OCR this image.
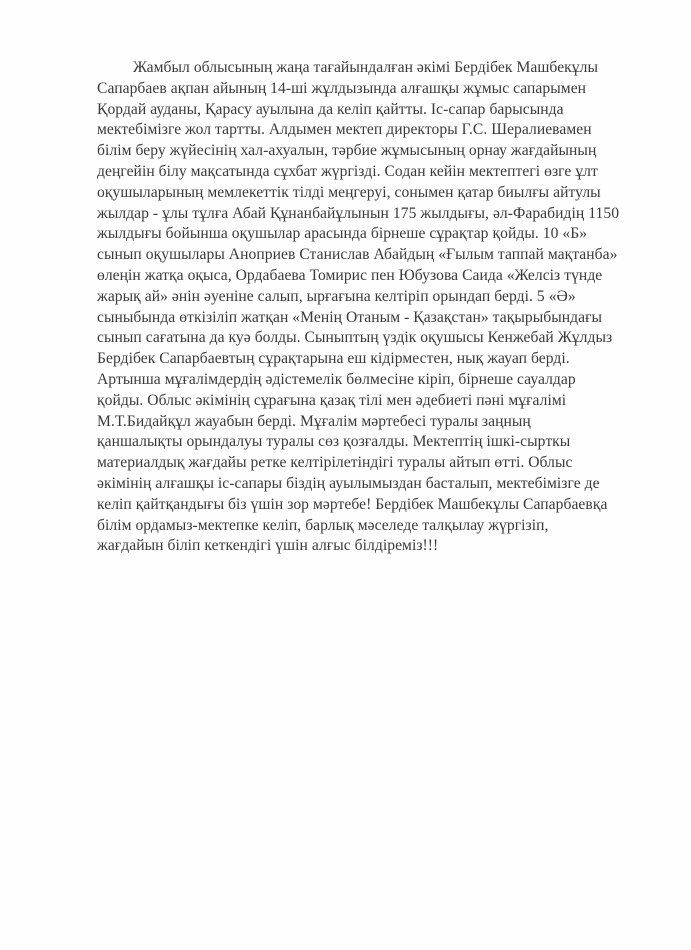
Жамбыл облысының жаңа тағайындалған әкімі Бердібек Машбекұлы
Сапарбаев ақпан айының 14-ші жұлдызында алғашқы жұмыс сапарымен
Қордай ауданы, Қарасу ауылына да келіп қайтты. Іс-сапар барысында
мектебімізге жол тартты. Алдымен мектеп директоры Г.С. Шералиевамен
білім беру жүйесінің хал-ахуалын, тәрбие жұмысының орнау жағдайының
деңгейін білу мақсатында сұхбат жүргізді. Содан кейін мектептегі өзге ұлт
оқушыларының мемлекеттік тілді меңгеруі, сонымен қатар биылғы айтулы
жылдар - ұлы тұлға Абай Құнанбайұлынын 175 жылдығы, әл-Фарабидің 1150
жылдығы бойынша оқушылар арасында бірнеше сұрақтар қойды. 10 «Б»
сынып оқушылары Аноприев Станислав Абайдың «Ғылым таппай мақтанба»
өлеңін жатқа оқыса, Ордабаева Томирис пен Юбузова Саида «Желсіз түнде
жарық ай» әнін әуеніне салып, ырғағына келтіріп орындап берді. 5 «Ә»
сыныбында өткізіліп жатқан «Менің Отаным - Қазақстан» тақырыбындағы
сынып сағатына да куә болды. Сыныптың үздік оқушысы Кенжебай Жұлдыз
Бердібек Сапарбаевтың сұрақтарына еш кідірместен, нық жауап берді.
Артынша мұғалімдердің әдістемелік бөлмесіне кіріп, бірнеше сауалдар
қойды. Облыс әкімінің сұрағына қазақ тілі мен әдебиеті пәні мұғалімі
М.Т.Бидайқұл жауабын берді. Мұғалім мәртебесі туралы заңның
қаншалықты орындалуы туралы сөз қозғалды. Мектептің ішкі-сырткы
материалдық жағдайы ретке келтірілетіндігі туралы айтып өтті. Облыс
әкімінің алғашқы іс-сапары біздің ауылымыздан басталып, мектебімізге де
келіп қайтқандығы біз үшін зор мәртебе! Бердібек Машбекұлы Сапарбаевқа
білім ордамыз-мектепке келіп, барлық мәселеде талқылау жүргізіп,
жағдайын біліп кеткендігі үшін алғыс білдіреміз!!!
